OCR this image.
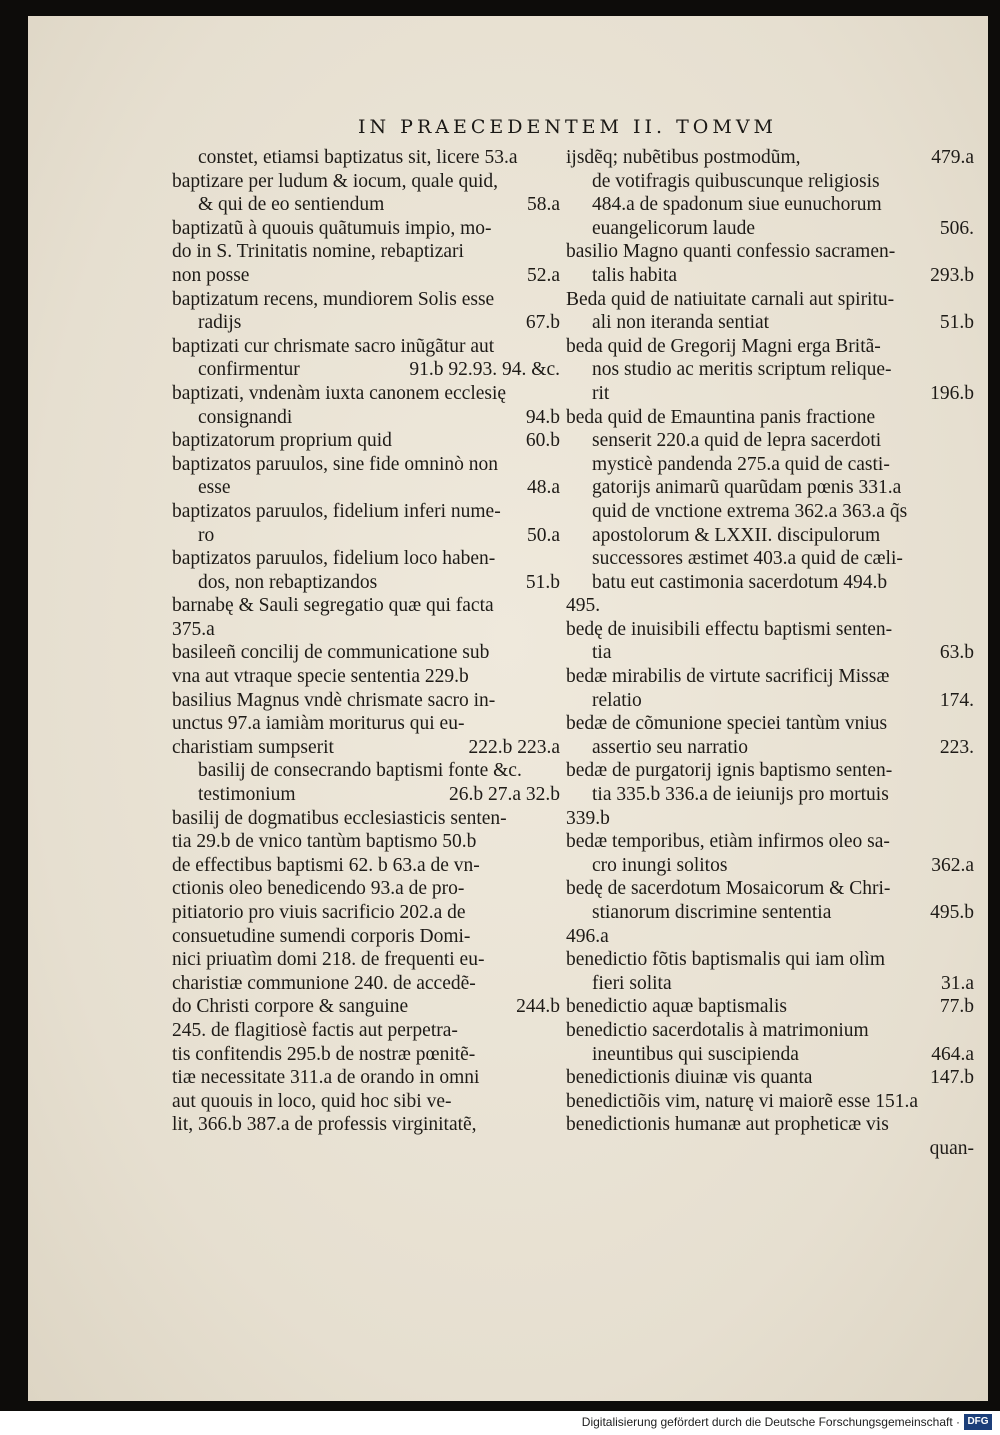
IN PRAECEDENTEM II. TOMVM
constet, etiamsi baptizatus sit, licere 53.a
baptizare per ludum & iocum, quale quid,
& qui de eo sentiendum	58.a
baptizatũ à quouis quãtumuis impio, mo-
do in S. Trinitatis nomine, rebaptizari
non posse	52.a
baptizatum recens, mundiorem Solis esse
radijs	67.b
baptizati cur chrismate sacro inũgãtur aut
confirmentur	91.b 92.93. 94. &c.
baptizati, vndenàm iuxta canonem ecclesię
consignandi	94.b
baptizatorum proprium quid	60.b
baptizatos paruulos, sine fide omninò non
esse	48.a
baptizatos paruulos, fidelium inferi nume-
ro	50.a
baptizatos paruulos, fidelium loco haben-
dos, non rebaptizandos	51.b
barnabę & Sauli segregatio quæ qui facta
375.a
basileeñ concilij de communicatione sub
vna aut vtraque specie sententia 229.b
basilius Magnus vndè chrismate sacro in-
unctus 97.a iamiàm moriturus qui eu-
charistiam sumpserit	222.b 223.a
basilij de consecrando baptismi fonte &c.
testimonium	26.b 27.a 32.b
basilij de dogmatibus ecclesiasticis senten-
tia 29.b de vnico tantùm baptismo 50.b
de effectibus baptismi 62. b 63.a de vn-
ctionis oleo benedicendo 93.a de pro-
pitiatorio pro viuis sacrificio 202.a de
consuetudine sumendi corporis Domi-
nici priuatìm domi 218. de frequenti eu-
charistiæ communione 240. de accedẽ-
do Christi corpore & sanguine	244.b
245. de flagitiosè factis aut perpetra-
tis confitendis 295.b de nostræ pœnitẽ-
tiæ necessitate 311.a de orando in omni
aut quouis in loco, quid hoc sibi ve-
lit, 366.b 387.a de professis virginitatẽ,
ijsdẽq; nubẽtibus postmodũm,	479.a
de votifragis quibuscunque religiosis
484.a de spadonum siue eunuchorum
euangelicorum laude	506.
basilio Magno quanti confessio sacramen-
talis habita	293.b
Beda quid de natiuitate carnali aut spiritu-
ali non iteranda sentiat	51.b
beda quid de Gregorij Magni erga Britã-
nos studio ac meritis scriptum relique-
rit	196.b
beda quid de Emauntina panis fractione
senserit 220.a quid de lepra sacerdoti
mysticè pandenda 275.a quid de casti-
gatorijs animarũ quarũdam pœnis 331.a
quid de vnctione extrema 362.a 363.a q̃s
apostolorum & LXXII. discipulorum
successores æstimet 403.a quid de cæli-
batu eut castimonia sacerdotum 494.b
495.
bedę de inuisibili effectu baptismi senten-
tia	63.b
bedæ mirabilis de virtute sacrificij Missæ
relatio	174.
bedæ de cõmunione speciei tantùm vnius
assertio seu narratio	223.
bedæ de purgatorij ignis baptismo senten-
tia 335.b 336.a de ieiunijs pro mortuis
339.b
bedæ temporibus, etiàm infirmos oleo sa-
cro inungi solitos	362.a
bedę de sacerdotum Mosaicorum & Chri-
stianorum discrimine sententia	495.b
496.a
benedictio fõtis baptismalis qui iam olìm
fieri solita	31.a
benedictio aquæ baptismalis	77.b
benedictio sacerdotalis à matrimonium
ineuntibus qui suscipienda	464.a
benedictionis diuinæ vis quanta	147.b
benedictiõis vim, naturę vi maiorẽ esse 151.a
benedictionis humanæ aut propheticæ vis
quan-
Digitalisierung gefördert durch die Deutsche Forschungsgemeinschaft · DFG
